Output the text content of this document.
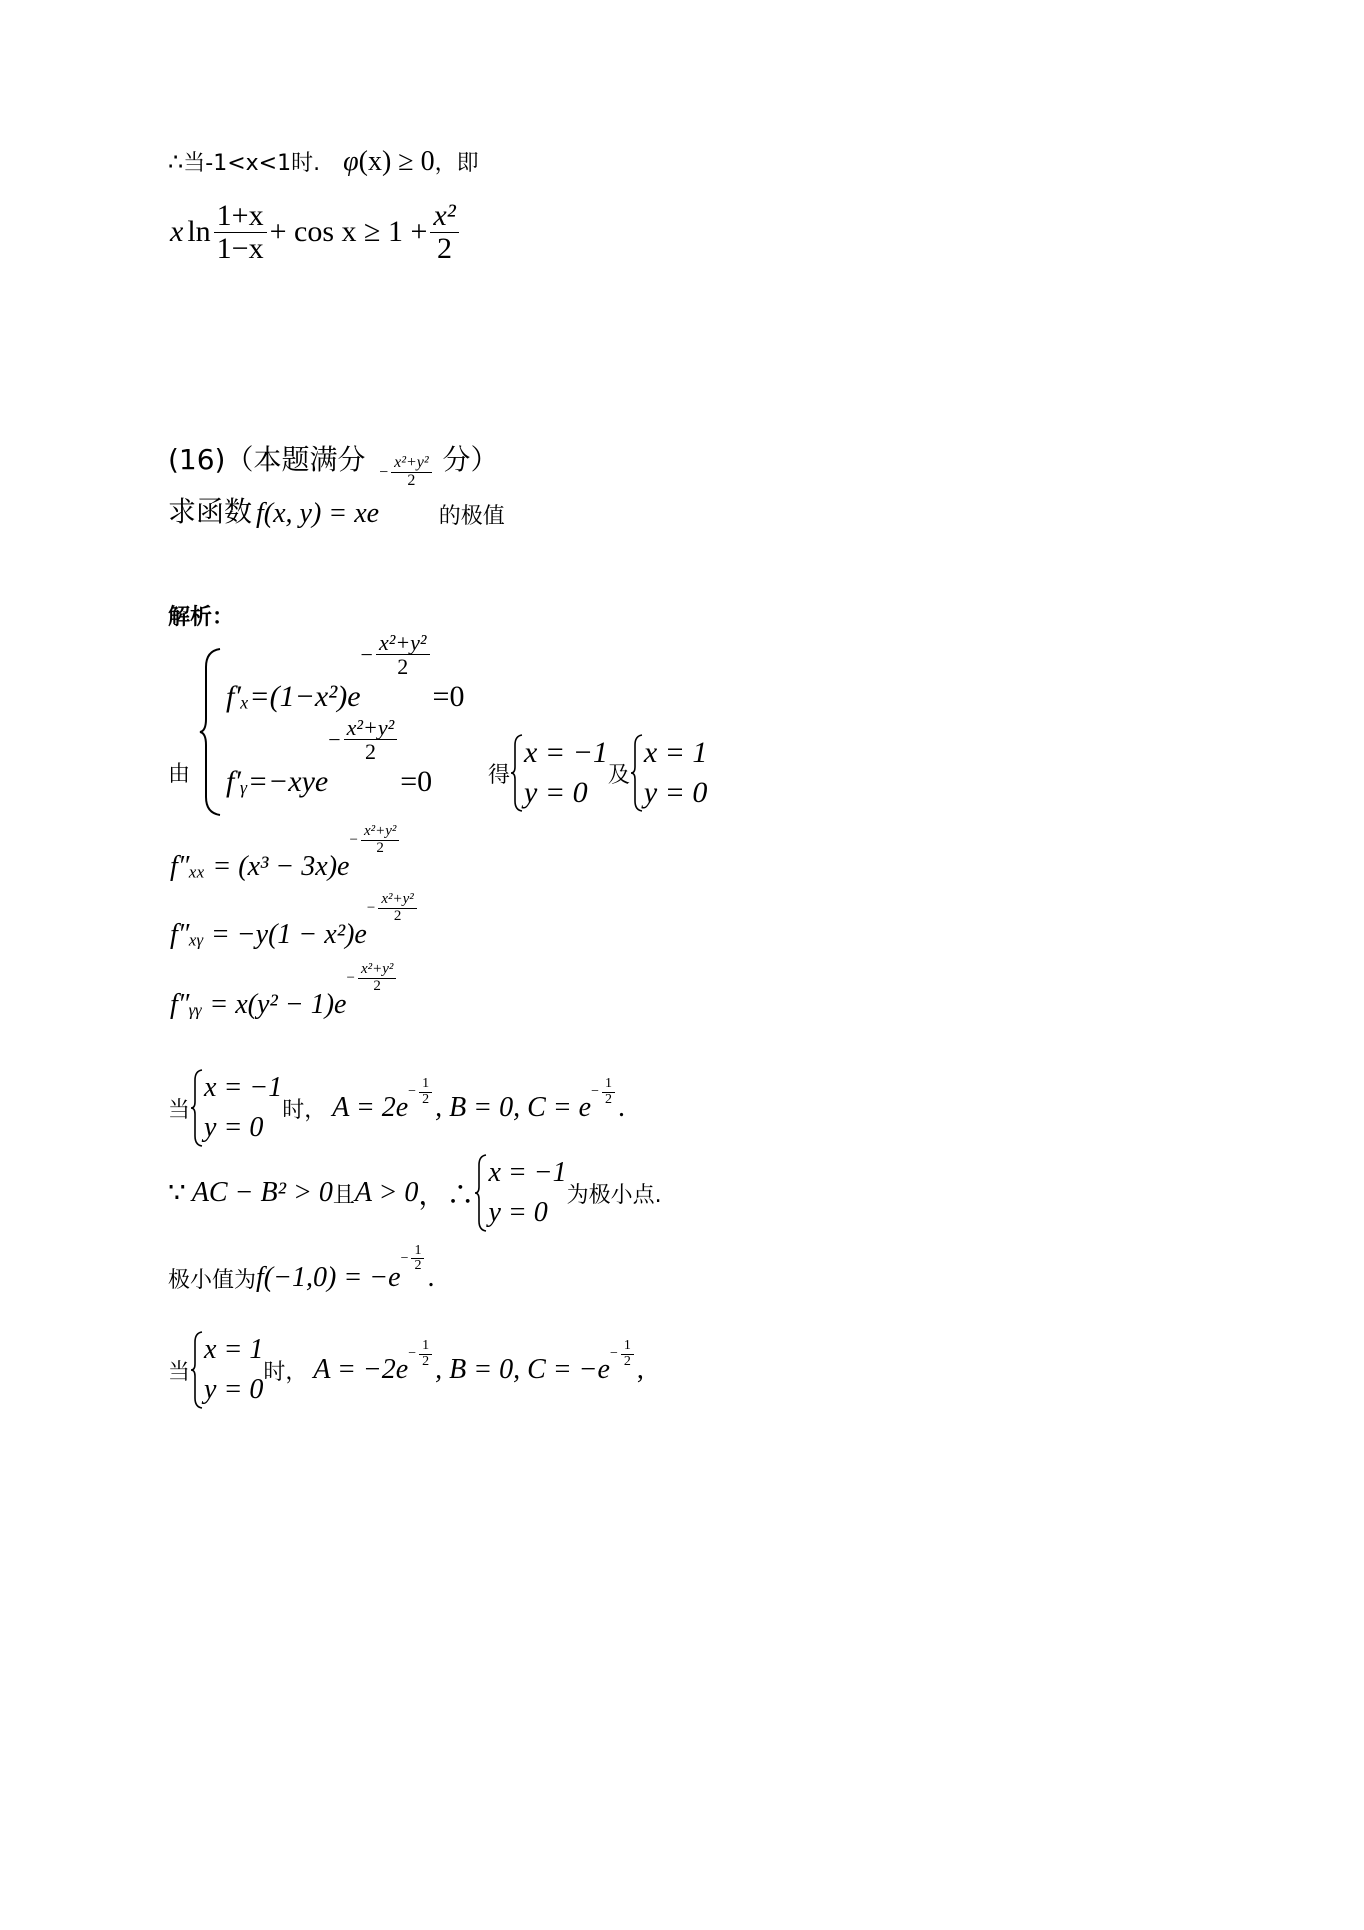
∴当-1<x<1时. φ(x) ≥ 0，即
x $\ln \frac{1+x}{1-x} + \cos x \ge 1 + \frac{\text{x²}}{2}$
(16)（本题满分	分）
求函数 f(x, y) = xe
− $\frac{\text{x²+y²}}{2}$
的极值
解析：
由
f′ₓ=(1−x²)e
− $\frac{\text{x²+y²}}{2}$
=0
f′ᵧ=−xye
− $\frac{\text{x²+y²}}{2}$
=0	得
x = −1
y = 0
及
x = 1
y = 0
f″ₓₓ = (x³ − 3x)e
− $\frac{\text{x²+y²}}{2}$
f″ₓᵧ = −y(1 − x²)e
− $\frac{\text{x²+y²}}{2}$
f″ᵧᵧ = x(y² − 1)e
− $\frac{\text{x²+y²}}{2}$
当
x = −1
y = 0
时， A = 2e
− $\frac{1}{2}$ , B = 0, C = e
− $\frac{1}{2}$ .
∵ AC − B² > 0 且 A > 0 ，∴
x = −1
y = 0
为极小点.
极小值为 f(−1,0) = −e
− $\frac{1}{2}$
.
当
x = 1
y = 0
时， A = −2e
− $\frac{1}{2}$ , B = 0, C = −e
− $\frac{1}{2}$ ,
